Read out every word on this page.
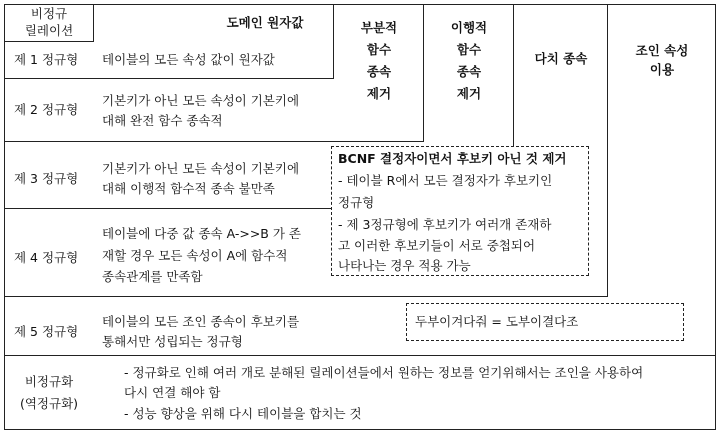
비정규
릴레이션
도메인 원자값	부분적
함수
종속
제거
이행적
함수
종속
제거
다치 종속
조인 속성
이용
제 1 정규형 테이블의 모든 속성 값이 원자값
제 2 정규형
기본키가 아닌 모든 속성이 기본키에
대해 완전 함수 종속적
제 3 정규형
기본키가 아닌 모든 속성이 기본키에
대해 이행적 함수적 종속 불만족
제 4 정규형
테이블에 다중 값 종속 A->>B 가 존
재할 경우 모든 속성이 A에 함수적
종속관계를 만족함
제 5 정규형
테이블의 모든 조인 종속이 후보키를
통해서만 성립되는 정규형
BCNF 결정자이면서 후보키 아닌 것 제거
- 테이블 R에서 모든 결정자가 후보키인
정규형
- 제 3정규형에 후보키가 여러개 존재하
고 이러한 후보키들이 서로 중첩되어
나타나는 경우 적용 가능
두부이겨다줘 = 도부이결다조
비정규화
(역정규화)
- 정규화로 인해 여러 개로 분해된 릴레이션들에서 원하는 정보를 얻기위해서는 조인을 사용하여
다시 연결 해야 함
- 성능 향상을 위해 다시 테이블을 합치는 것
